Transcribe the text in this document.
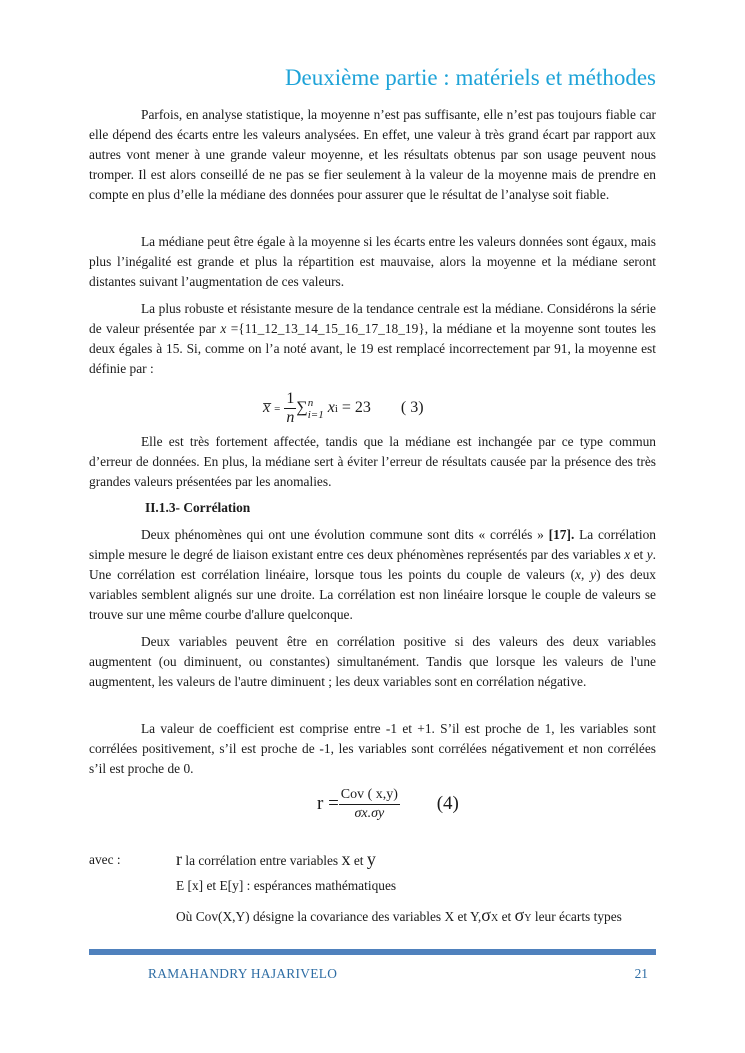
Deuxième partie : matériels et méthodes

Parfois, en analyse statistique, la moyenne n’est pas suffisante, elle n’est pas toujours fiable car elle dépend des écarts entre les valeurs analysées. En effet, une valeur à très grand écart par rapport aux autres vont mener à une grande valeur moyenne, et les résultats obtenus par son usage peuvent nous tromper. Il est alors conseillé de ne pas se fier seulement à la valeur de la moyenne mais de prendre en compte en plus d’elle la médiane des données pour assurer que le résultat de l’analyse soit fiable.

La médiane peut être égale à la moyenne si les écarts entre les valeurs données sont égaux, mais plus l’inégalité est grande et plus la répartition est mauvaise, alors la moyenne et la médiane seront distantes suivant l’augmentation de ces valeurs.

La plus robuste et résistante mesure de la tendance centrale est la médiane. Considérons la série de valeur présentée par x ={11_12_13_14_15_16_17_18_19}, la médiane et la moyenne sont toutes les deux égales à 15. Si, comme on l’a noté avant, le 19 est remplacé incorrectement par 91, la moyenne est définie par :

x̅ = $\frac{1}{n}$ ∑ n
i=1 xi = 23 ( 3)

Elle est très fortement affectée, tandis que la médiane est inchangée par ce type commun d’erreur de données. En plus, la médiane sert à éviter l’erreur de résultats causée par la présence des très grandes valeurs présentées par les anomalies.

II.1.3- Corrélation

Deux phénomènes qui ont une évolution commune sont dits « corrélés » [17]. La corrélation simple mesure le degré de liaison existant entre ces deux phénomènes représentés par des variables x et y. Une corrélation est corrélation linéaire, lorsque tous les points du couple de valeurs (x, y) des deux variables semblent alignés sur une droite. La corrélation est non linéaire lorsque le couple de valeurs se trouve sur une même courbe d'allure quelconque.

Deux variables peuvent être en corrélation positive si des valeurs des deux variables augmentent (ou diminuent, ou constantes) simultanément. Tandis que lorsque les valeurs de l'une augmentent, les valeurs de l'autre diminuent ; les deux variables sont en corrélation négative.

La valeur de coefficient est comprise entre -1 et +1. S’il est proche de 1, les variables sont corrélées positivement, s’il est proche de -1, les variables sont corrélées négativement et non corrélées s’il est proche de 0.

$r = \frac{\text{Cov ( x,y)}}{\sigma x.\sigma y} (4)$
avec :	r la corrélation entre variables x et y
E [x] et E[y] : espérances mathématiques
Où Cov(X,Y) désigne la covariance des variables X et Y,σX et σY leur écarts types
RAMAHANDRY HAJARIVELO	21
